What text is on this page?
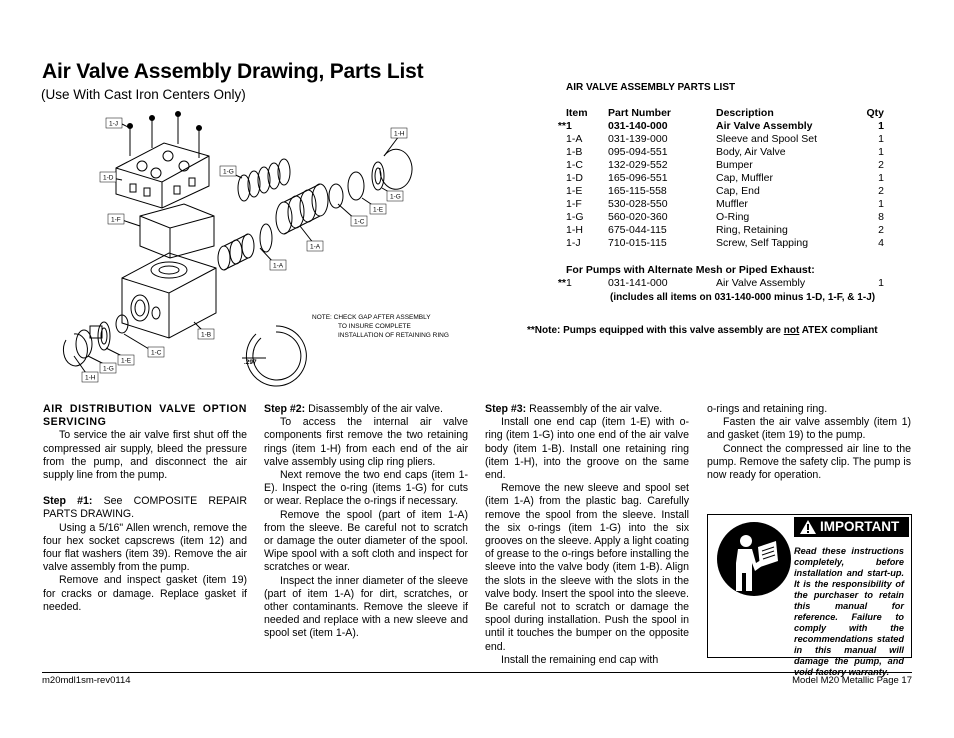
Air Valve Assembly Drawing, Parts List
(Use With Cast Iron Centers Only)
1-J
1-H
1-D
1-G
1-F
1-G
1-E
1-C
1-A
1-A
1-B
1-C
1-E
1-G
1-H
NOTE: CHECK GAP AFTER ASSEMBLY
TO INSURE COMPLETE
INSTALLATION OF RETAINING RING
.297
AIR VALVE ASSEMBLY PARTS LIST
	Item	Part Number	Description	Qty
**	1	031-140-000	Air Valve Assembly	1
	1-A	031-139-000	Sleeve and Spool Set	1
	1-B	095-094-551	Body, Air Valve	1
	1-C	132-029-552	Bumper	2
	1-D	165-096-551	Cap, Muffler	1
	1-E	165-115-558	Cap, End	2
	1-F	530-028-550	Muffler	1
	1-G	560-020-360	O-Ring	8
	1-H	675-044-115	Ring, Retaining	2
	1-J	710-015-115	Screw, Self Tapping	4
For Pumps with Alternate Mesh or Piped Exhaust:
**	1	031-141-000	Air Valve Assembly	1
(includes all items on 031-140-000 minus 1-D, 1-F, & 1-J)
**Note: Pumps equipped with this valve assembly are not ATEX compliant

AIR DISTRIBUTION VALVE OPTION SERVICING

To service the air valve first shut off the compressed air supply, bleed the pressure from the pump, and disconnect the air supply line from the pump.

Step #1: See COMPOSITE REPAIR PARTS DRAWING.

Using a 5/16" Allen wrench, remove the four hex socket capscrews (item 12) and four flat washers (item 39). Remove the air valve assembly from the pump.

Remove and inspect gasket (item 19) for cracks or damage. Replace gasket if needed.

Step #2: Disassembly of the air valve.

To access the internal air valve components first remove the two retaining rings (item 1-H) from each end of the air valve assembly using clip ring pliers.

Next remove the two end caps (item 1-E). Inspect the o-ring (items 1-G) for cuts or wear. Replace the o-rings if necessary.

Remove the spool (part of item 1-A) from the sleeve. Be careful not to scratch or damage the outer diameter of the spool. Wipe spool with a soft cloth and inspect for scratches or wear.

Inspect the inner diameter of the sleeve (part of item 1-A) for dirt, scratches, or other contaminants. Remove the sleeve if needed and replace with a new sleeve and spool set (item 1-A).

Step #3: Reassembly of the air valve.

Install one end cap (item 1-E) with o-ring (item 1-G) into one end of the air valve body (item 1-B). Install one retaining ring (item 1-H), into the groove on the same end.

Remove the new sleeve and spool set (item 1-A) from the plastic bag. Carefully remove the spool from the sleeve. Install the six o-rings (item 1-G) into the six grooves on the sleeve. Apply a light coating of grease to the o-rings before installing the sleeve into the valve body (item 1-B). Align the slots in the sleeve with the slots in the valve body. Insert the spool into the sleeve. Be careful not to scratch or damage the spool during installation. Push the spool in until it touches the bumper on the opposite end.

Install the remaining end cap with

o-rings and retaining ring.

Fasten the air valve assembly (item 1) and gasket (item 19) to the pump.

Connect the compressed air line to the pump. Remove the safety clip. The pump is now ready for operation.

IMPORTANT
Read these instructions completely, before installation and start-up. It is the responsibility of the purchaser to retain this manual for reference. Failure to comply with the recommendations stated in this manual will damage the pump, and void factory warranty.
m20mdl1sm-rev0114	Model M20 Metallic Page 17
